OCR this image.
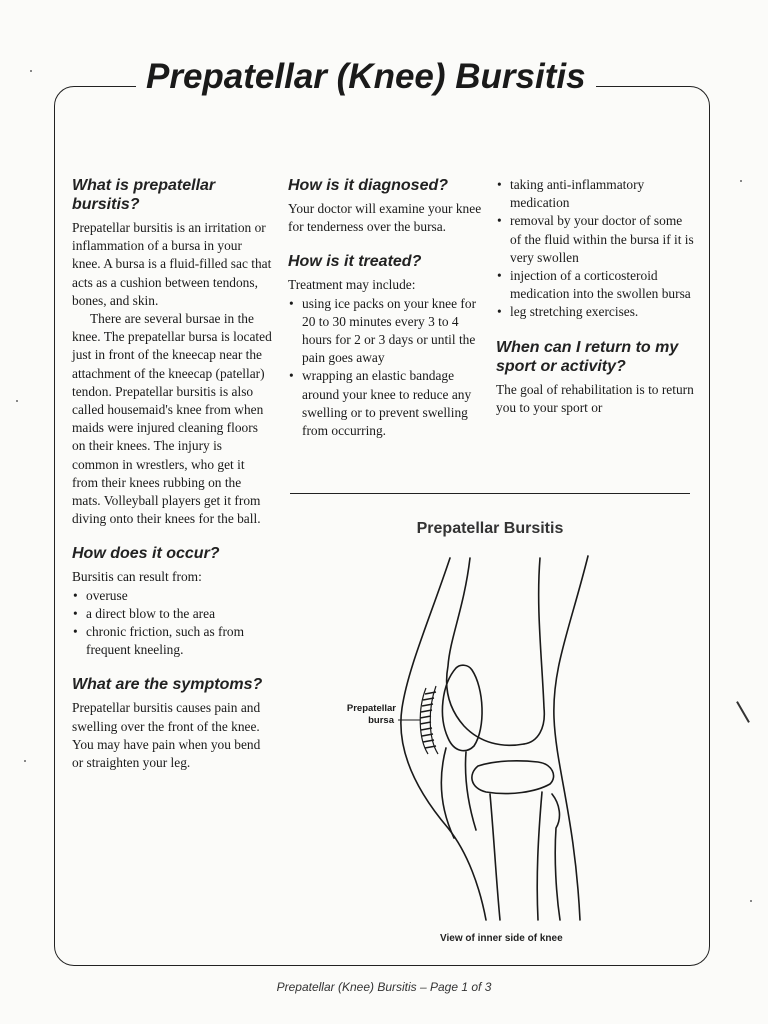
Prepatellar (Knee) Bursitis
What is prepatellar bursitis?

Prepatellar bursitis is an irritation or inflammation of a bursa in your knee. A bursa is a fluid-filled sac that acts as a cushion between tendons, bones, and skin.

There are several bursae in the knee. The prepatellar bursa is located just in front of the kneecap near the attachment of the kneecap (patellar) tendon. Prepatellar bursitis is also called housemaid's knee from when maids were injured cleaning floors on their knees. The injury is common in wrestlers, who get it from their knees rubbing on the mats. Volleyball players get it from diving onto their knees for the ball.

How does it occur?

Bursitis can result from:

• overuse
• a direct blow to the area
• chronic friction, such as from frequent kneeling.
What are the symptoms?

Prepatellar bursitis causes pain and swelling over the front of the knee. You may have pain when you bend or straighten your leg.

How is it diagnosed?

Your doctor will examine your knee for tenderness over the bursa.

How is it treated?

Treatment may include:

• using ice packs on your knee for 20 to 30 minutes every 3 to 4 hours for 2 or 3 days or until the pain goes away
• wrapping an elastic bandage around your knee to reduce any swelling or to prevent swelling from occurring.
• taking anti-inflammatory medication
• removal by your doctor of some of the fluid within the bursa if it is very swollen
• injection of a corticosteroid medication into the swollen bursa
• leg stretching exercises.
When can I return to my sport or activity?

The goal of rehabilitation is to return you to your sport or

Prepatellar Bursitis
Prepatellar
bursa
View of inner side of knee
Prepatellar (Knee) Bursitis – Page 1 of 3
